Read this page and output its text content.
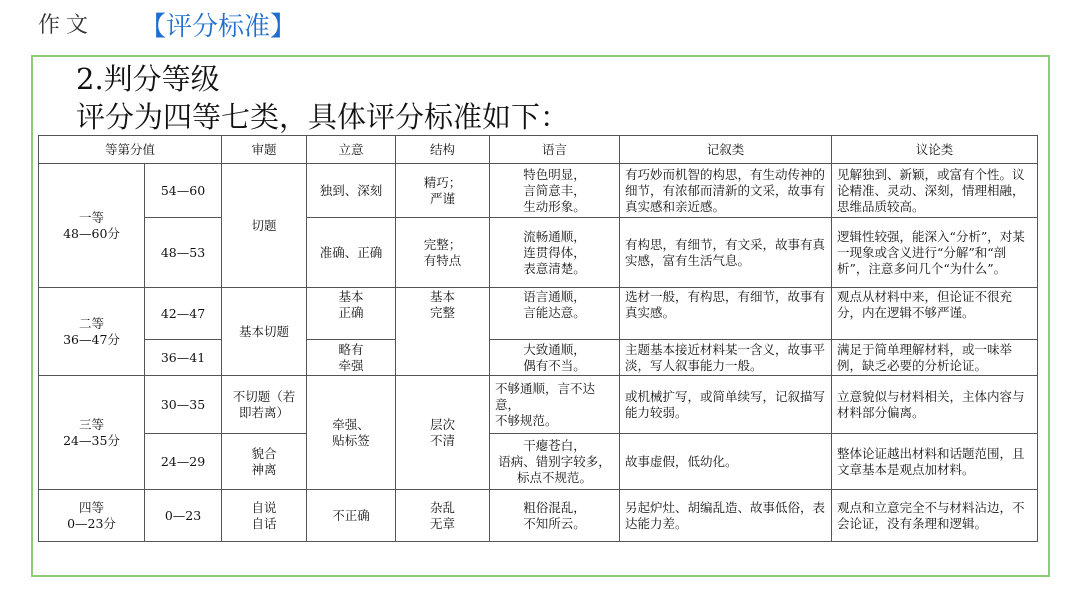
作文 【评分标准】
2.判分等级
评分为四等七类，具体评分标准如下：
等第分值		审题	立意	结构	语言	记叙类	议论类
一等
48—60分	54—60	切题	独到、深刻	精巧；
严谨	特色明显，
言简意丰，
生动形象。	有巧妙而机智的构思，有生动传神的细节，有浓郁而清新的文采，故事有真实感和亲近感。	见解独到、新颖，或富有个性。议论精准、灵动、深刻，情理相融，思维品质较高。
	48—53		准确、正确	完整；
有特点	流畅通顺，
连贯得体，
表意清楚。	有构思，有细节，有文采，故事有真实感，富有生活气息。	逻辑性较强，能深入“分析”，对某一现象或含义进行“分解”和“剖析”，注意多问几个“为什么”。
二等
36—47分	42—47	基本切题	基本
正确	基本
完整	语言通顺，
言能达意。	选材一般，有构思，有细节，故事有真实感。	观点从材料中来，但论证不很充分，内在逻辑不够严谨。
	36—41		略有
牵强		大致通顺，
偶有不当。	主题基本接近材料某一含义，故事平淡，写人叙事能力一般。	满足于简单理解材料，或一味举例，缺乏必要的分析论证。
三等
24—35分	30—35	不切题（若即若离）	牵强、
贴标签	层次
不清	不够通顺，言不达意，
不够规范。	或机械扩写，或简单续写，记叙描写能力较弱。	立意貌似与材料相关，主体内容与材料部分偏离。
	24—29	貌合
神离			干瘪苍白，
语病、错别字较多，
标点不规范。	故事虚假，低幼化。	整体论证越出材料和话题范围，且文章基本是观点加材料。
四等
0—23分	0—23	自说
自话	不正确	杂乱
无章	粗俗混乱，
不知所云。	另起炉灶、胡编乱造、故事低俗，表达能力差。	观点和立意完全不与材料沾边，不会论证，没有条理和逻辑。
